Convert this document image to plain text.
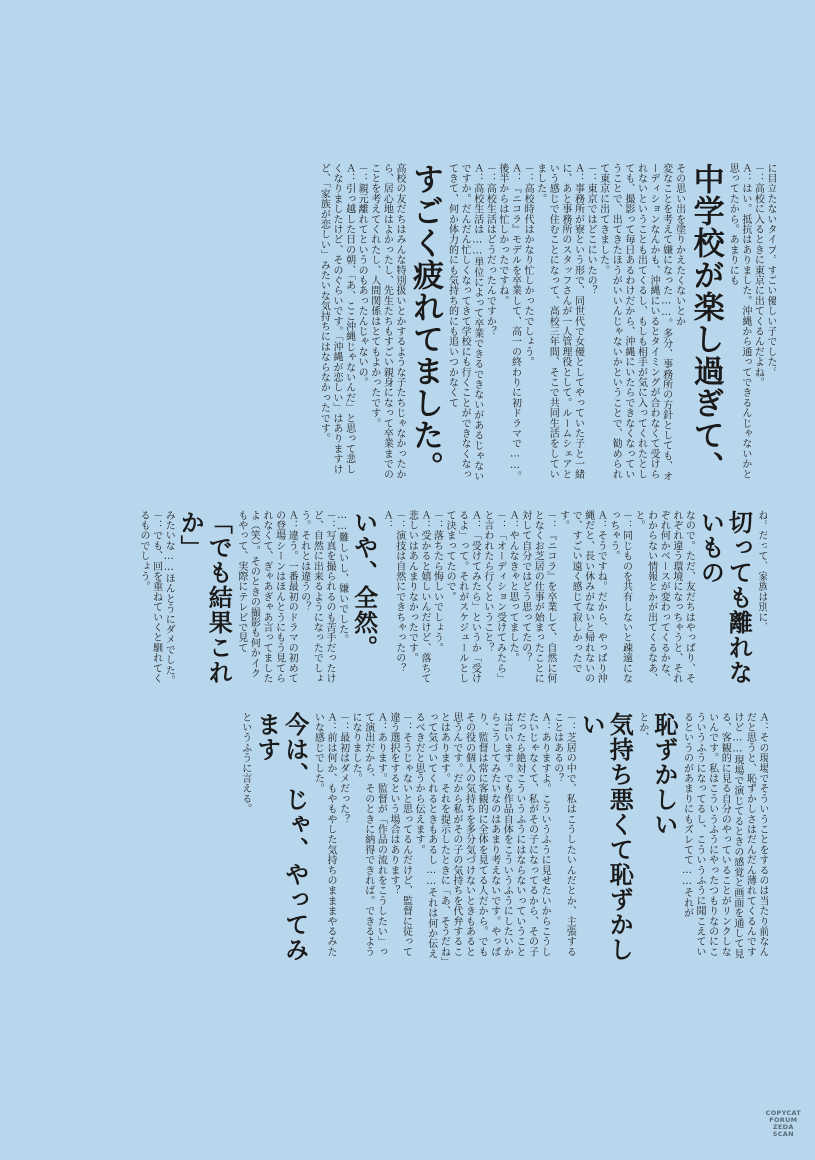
に目立たないタイプ。すごい優しい子でした。
－：高校に入るときに東京に出てくるんだよね。
Ａ：はい。抵抗はありました。沖縄から通ってできるんじゃないかと思ってたから。あまりにも
中学校が楽し過ぎて、
その思い出を塗りかえたくないとか
変なことを考えて嫌になった……。多分、事務所の方針としても、オーディションなんかも、沖縄にいるとタイミングが合わなくて受けられないということも出てくるし、もしも相手が気に入ってくれたとしても、撮影って毎日あるわけだから、沖縄にいたらできなくなっていうことで、出てきたほうがいいんじゃないかということで、勧められて東京に出てきました。
－：東京ではどこにいたの？
Ａ：事務所が寮という形で、同世代で女優としてやっていた子と一緒に、あと事務所のスタッフさんが一人管理役として。ルームシェアという感じで住むことになって、高校三年間、そこで共同生活をしていました。
－：高校時代はかなり忙しかったでしょう。
Ａ：『ニコラ』モデルを卒業して、高一の終わりに初ドラマで……。後半からは忙しかったですね。
－：高校生活はどうだったんですか？
Ａ：高校生活は……単位によって卒業できるできないがあるじゃないですか。だんだん忙しくなってきて学校にも行くことができなくなってきて、何か体力的にも気持ち的にも追いつかなくて
すごく疲れてました。
高校の友だちはみんな特別扱いとかするような子たちじゃなかったから、居心地はよかったし、先生たちもすごい親身になって卒業までのことを考えてくれたし、人間関係はとてもよかったです。
－：親元離れてというのもあったんじゃないの。
Ａ：引っ越した日の朝、「あ、ここ沖縄じゃないんだ」と思って悲しくなりましたけど、そのぐらいです。「沖縄が恋しい」はありますけど、「家族が恋しい」みたいな気持ちにはならなかったです。
ね。だって、家族は別に、
切っても離れないもの
なので。ただ、友だちはやっぱり、それぞれ違う環境になっちゃうと、それぞれ何かベースが変わってくるかな、わからない情報とかが出てくるなあ、と。
－：同じものを共有しないと疎遠になっちゃう。
Ａ：そうですね。だから、やっぱり沖縄だと、長い休みがないと帰れないので、すごい遠く感じて寂しかったです。
－：『ニコラ』を卒業して、自然に何となくお芝居の仕事が始まったことに対して自分ではどう思ってたの？
Ａ：やんなきゃと思ってました。
－：「オーディション受けてみたら」と言われたら行くということ？
Ａ：「受けてみたら」というか「受けるよ」って。それがスケジュールとして決まってたので。
－：落ちたら悔しいでしょう。
Ａ：受かると嬉しいんだけど、落ちて悲しいはあんまりなかったです。
－：演技は自然にできちゃったの？
Ａ：
いや、全然。
……難しいし、嫌いでした。
－：写真を撮られるのも苦手だったけど、自然に出来るようになったでしょう。それとは違うの？
Ａ：違う。一番最初のドラマの初めての登場シーンはほんとうにもう見てられなくて、ぎゃあぎゃあ言ってましたよ（笑）。そのときの撮影も何かイクもやって、実際にテレビで見て
「でも結果これか」
みたいな……ほんとうにダメでした。
－：でも、回を重ねていくと馴れてくるものでしょう。
Ａ：その現場でそういうことをするのは当たり前なんだと思うと、恥ずかしさはだんだん薄れてくるんですけど……現場で演じてるときの感覚と画面を通して見る、客観的に見る自分のやっていることがリンクしないんです。私はこういうふうにやったつもりなのにこういうふうになってるし、こういうふうに聞こえているというのがあまりにもズレてて……それが
恥ずかしい
とか、
気持ち悪くて恥ずかしい
－：芝居の中で、私はこうしたいんだとか、主張することはあるの？
Ａ：ありますよ。こういうふうに見せたいからこうしたいじゃなくて、私がその子になってるから、その子だったら絶対こういうふうにはならないっていうことは言います。でも作品自体をこういうふうにしたいからこうしてみたいなのはあまり考えないです。やっぱり、監督は常に客観的に全体を見てる人だから。でもその役の個人の気持ちを多分気づけないときもあると思うんです。だから私がその子の気持ちを代弁することはあります。それを提示したときに「あ、そうだね」って気づいてくれるときもあるし……それは何か伝えるべきだと思うから伝えます。
－：そうじゃないと思ってるんだけど、監督に従って違う選択をするという場合はあります？
Ａ：あります。監督が「作品の流れをこうしたい」って演出だから、そのときに納得できれば。できるようになりました。
－：最初はダメだった？
Ａ：前は何か、もやもやした気持ちのまままやるみたいな感じでした。
今は、じゃ、やってみます
というふうに言える。
COPYCAT
FORUM
ZEDA
SCAN
